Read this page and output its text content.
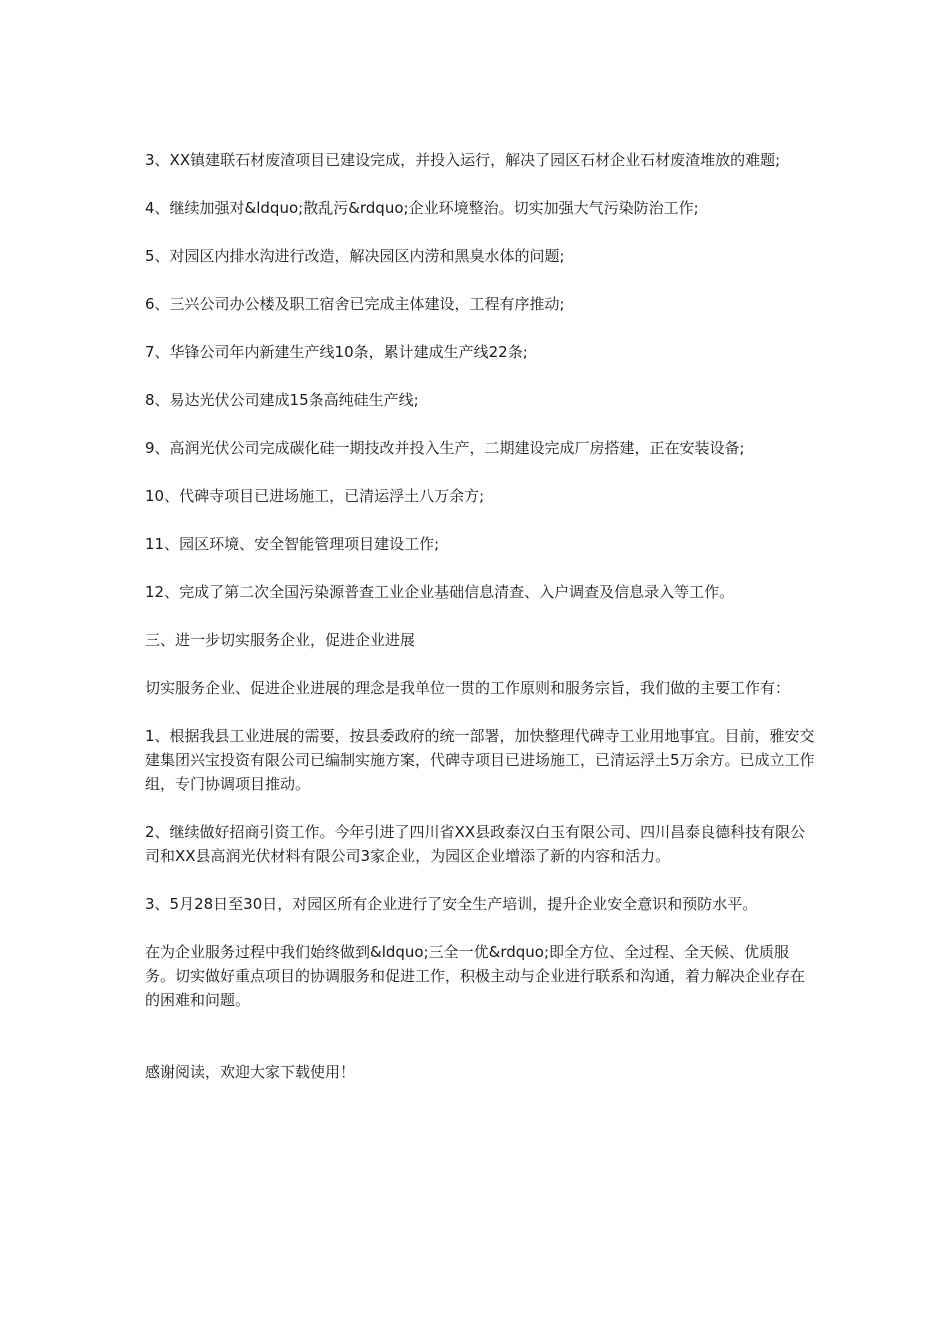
3、XX镇建联石材废渣项目已建设完成，并投入运行，解决了园区石材企业石材废渣堆放的难题;

4、继续加强对&ldquo;散乱污&rdquo;企业环境整治。切实加强大气污染防治工作;

5、对园区内排水沟进行改造，解决园区内涝和黑臭水体的问题;

6、三兴公司办公楼及职工宿舍已完成主体建设，工程有序推动;

7、华锋公司年内新建生产线10条，累计建成生产线22条;

8、易达光伏公司建成15条高纯硅生产线;

9、高润光伏公司完成碳化硅一期技改并投入生产，二期建设完成厂房搭建，正在安装设备;

10、代碑寺项目已进场施工，已清运浮土八万余方;

11、园区环境、安全智能管理项目建设工作;

12、完成了第二次全国污染源普查工业企业基础信息清查、入户调查及信息录入等工作。

三、进一步切实服务企业，促进企业进展

切实服务企业、促进企业进展的理念是我单位一贯的工作原则和服务宗旨，我们做的主要工作有：

1、根据我县工业进展的需要，按县委政府的统一部署，加快整理代碑寺工业用地事宜。目前，雅安交建集团兴宝投资有限公司已编制实施方案，代碑寺项目已进场施工，已清运浮土5万余方。已成立工作组，专门协调项目推动。

2、继续做好招商引资工作。今年引进了四川省XX县政泰汉白玉有限公司、四川昌泰良德科技有限公司和XX县高润光伏材料有限公司3家企业，为园区企业增添了新的内容和活力。

3、5月28日至30日，对园区所有企业进行了安全生产培训，提升企业安全意识和预防水平。

在为企业服务过程中我们始终做到&ldquo;三全一优&rdquo;即全方位、全过程、全天候、优质服务。切实做好重点项目的协调服务和促进工作，积极主动与企业进行联系和沟通，着力解决企业存在的困难和问题。

感谢阅读，欢迎大家下载使用！
